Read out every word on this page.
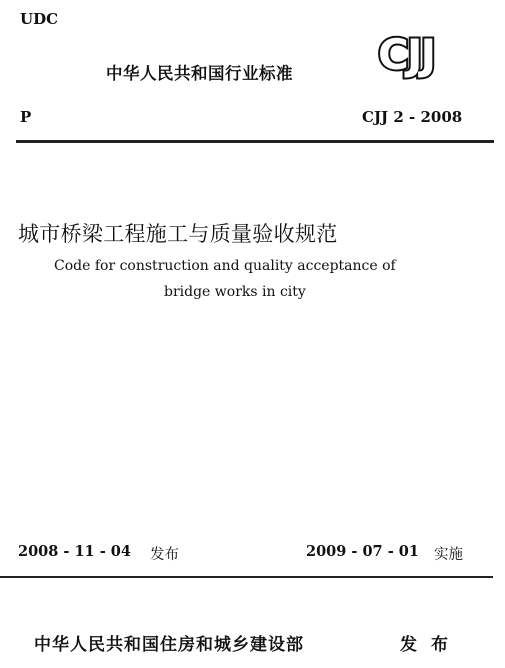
UDC
中华人民共和国行业标准 CJJ
P	CJJ 2 - 2008
城市桥梁工程施工与质量验收规范
Code for construction and quality acceptance of
bridge works in city
2008 - 11 - 04 发布	2009 - 07 - 01 实施
中华人民共和国住房和城乡建设部	发布
